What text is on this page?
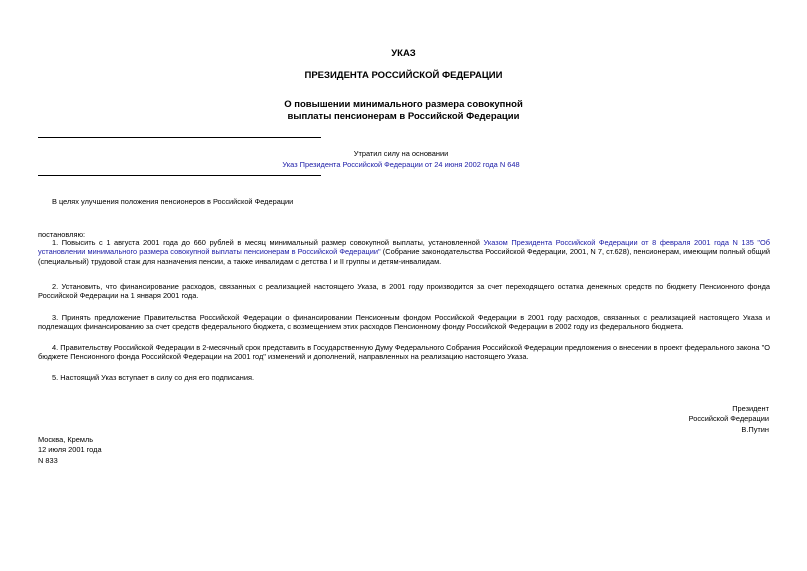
УКАЗ
ПРЕЗИДЕНТА РОССИЙСКОЙ ФЕДЕРАЦИИ
О повышении минимального размера совокупной
выплаты пенсионерам в Российской Федерации
Утратил силу на основании
Указ Президента Российской Федерации от 24 июня 2002 года N 648

В целях улучшения положения пенсионеров в Российской Федерации

постановляю:

1. Повысить с 1 августа 2001 года до 660 рублей в месяц минимальный размер совокупной выплаты, установленной Указом Президента Российской Федерации от 8 февраля 2001 года N 135 "Об установлении минимального размера совокупной выплаты пенсионерам в Российской Федерации" (Собрание законодательства Российской Федерации, 2001, N 7, ст.628), пенсионерам, имеющим полный общий (специальный) трудовой стаж для назначения пенсии, а также инвалидам с детства I и II группы и детям-инвалидам.

2. Установить, что финансирование расходов, связанных с реализацией настоящего Указа, в 2001 году производится за счет переходящего остатка денежных средств по бюджету Пенсионного фонда Российской Федерации на 1 января 2001 года.

3. Принять предложение Правительства Российской Федерации о финансировании Пенсионным фондом Российской Федерации в 2001 году расходов, связанных с реализацией настоящего Указа и подлежащих финансированию за счет средств федерального бюджета, с возмещением этих расходов Пенсионному фонду Российской Федерации в 2002 году из федерального бюджета.

4. Правительству Российской Федерации в 2-месячный срок представить в Государственную Думу Федерального Собрания Российской Федерации предложения о внесении в проект федерального закона "О бюджете Пенсионного фонда Российской Федерации на 2001 год" изменений и дополнений, направленных на реализацию настоящего Указа.

5. Настоящий Указ вступает в силу со дня его подписания.

Президент
Российской Федерации
В.Путин
Москва, Кремль
12 июля 2001 года
N 833
